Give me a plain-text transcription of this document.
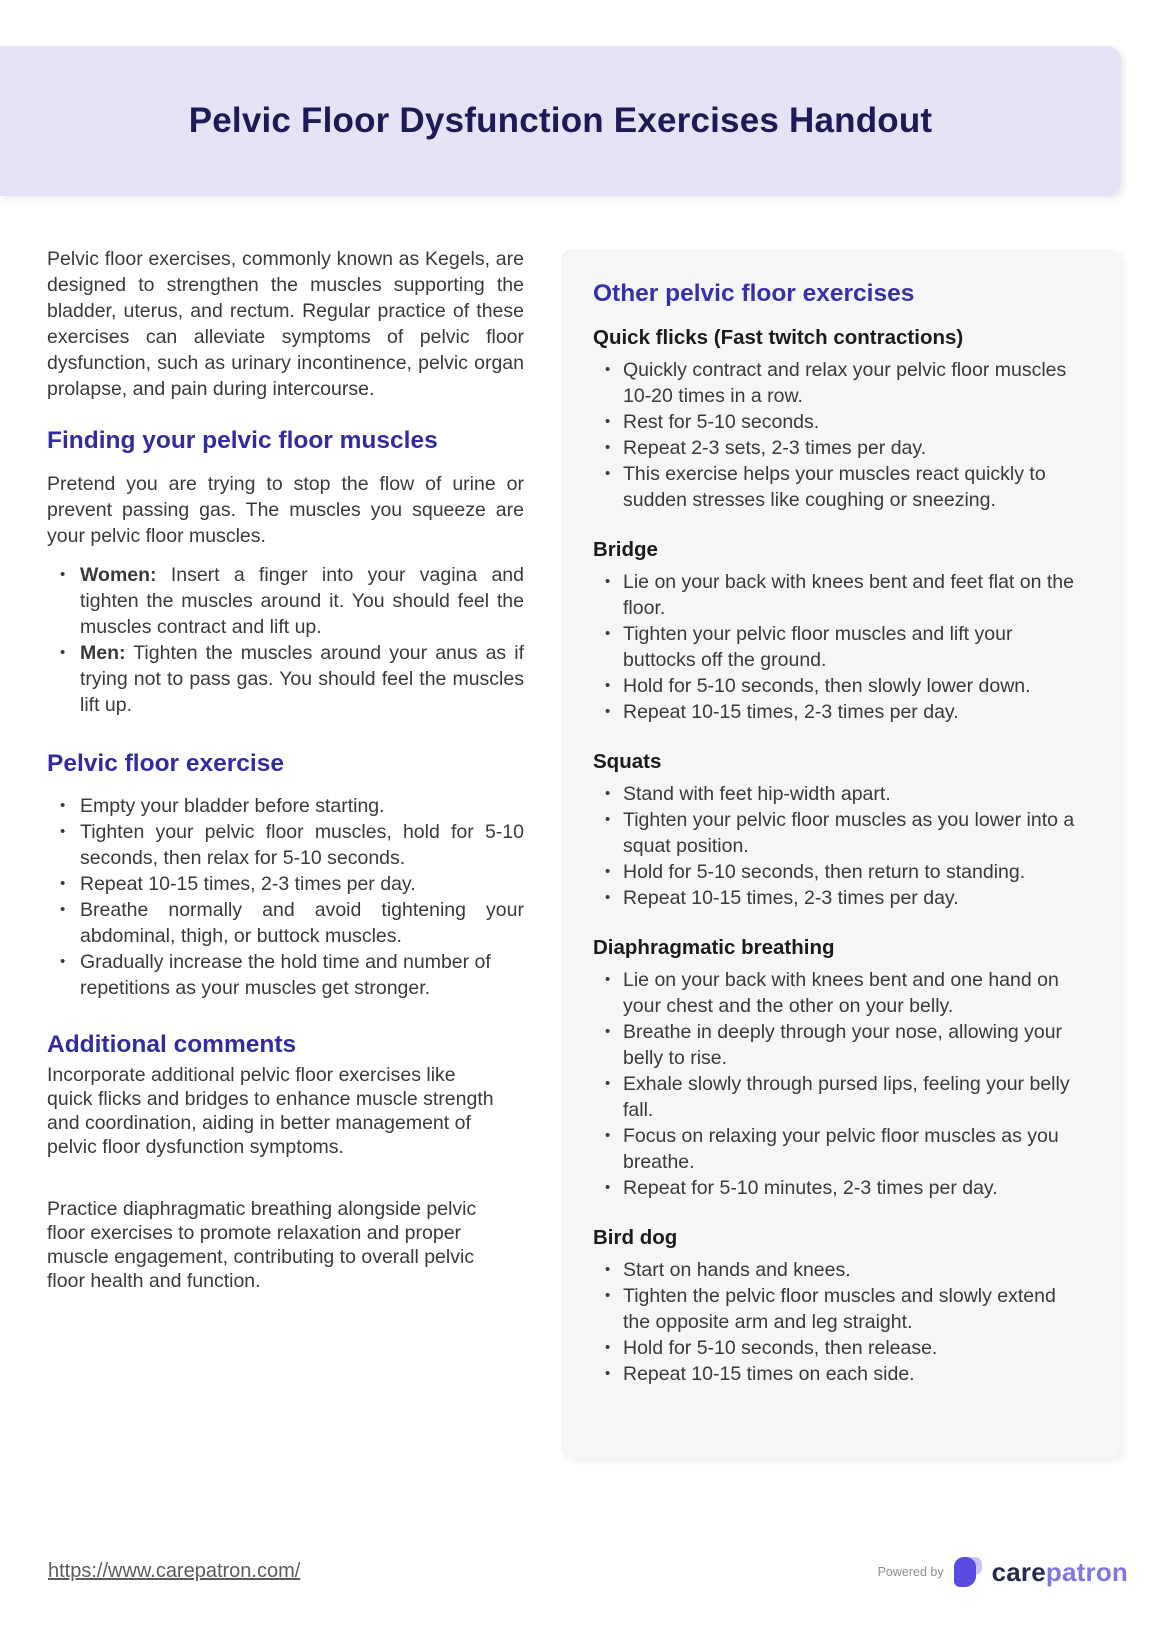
Pelvic Floor Dysfunction Exercises Handout

Pelvic floor exercises, commonly known as Kegels, are designed to strengthen the muscles supporting the bladder, uterus, and rectum. Regular practice of these exercises can alleviate symptoms of pelvic floor dysfunction, such as urinary incontinence, pelvic organ prolapse, and pain during intercourse.

Finding your pelvic floor muscles

Pretend you are trying to stop the flow of urine or prevent passing gas. The muscles you squeeze are your pelvic floor muscles.

• Women: Insert a finger into your vagina and tighten the muscles around it. You should feel the muscles contract and lift up.
• Men: Tighten the muscles around your anus as if trying not to pass gas. You should feel the muscles lift up.
Pelvic floor exercise
• Empty your bladder before starting.
• Tighten your pelvic floor muscles, hold for 5-10 seconds, then relax for 5-10 seconds.
• Repeat 10-15 times, 2-3 times per day.
• Breathe normally and avoid tightening your abdominal, thigh, or buttock muscles.
• Gradually increase the hold time and number of repetitions as your muscles get stronger.
Additional comments

Incorporate additional pelvic floor exercises like quick flicks and bridges to enhance muscle strength and coordination, aiding in better management of pelvic floor dysfunction symptoms.

Practice diaphragmatic breathing alongside pelvic floor exercises to promote relaxation and proper muscle engagement, contributing to overall pelvic floor health and function.

Other pelvic floor exercises
Quick flicks (Fast twitch contractions)
• Quickly contract and relax your pelvic floor muscles 10-20 times in a row.
• Rest for 5-10 seconds.
• Repeat 2-3 sets, 2-3 times per day.
• This exercise helps your muscles react quickly to sudden stresses like coughing or sneezing.
Bridge
• Lie on your back with knees bent and feet flat on the floor.
• Tighten your pelvic floor muscles and lift your buttocks off the ground.
• Hold for 5-10 seconds, then slowly lower down.
• Repeat 10-15 times, 2-3 times per day.
Squats
• Stand with feet hip-width apart.
• Tighten your pelvic floor muscles as you lower into a squat position.
• Hold for 5-10 seconds, then return to standing.
• Repeat 10-15 times, 2-3 times per day.
Diaphragmatic breathing
• Lie on your back with knees bent and one hand on your chest and the other on your belly.
• Breathe in deeply through your nose, allowing your belly to rise.
• Exhale slowly through pursed lips, feeling your belly fall.
• Focus on relaxing your pelvic floor muscles as you breathe.
• Repeat for 5-10 minutes, 2-3 times per day.
Bird dog
• Start on hands and knees.
• Tighten the pelvic floor muscles and slowly extend the opposite arm and leg straight.
• Hold for 5-10 seconds, then release.
• Repeat 10-15 times on each side.
https://www.carepatron.com/	Powered by carepatron
